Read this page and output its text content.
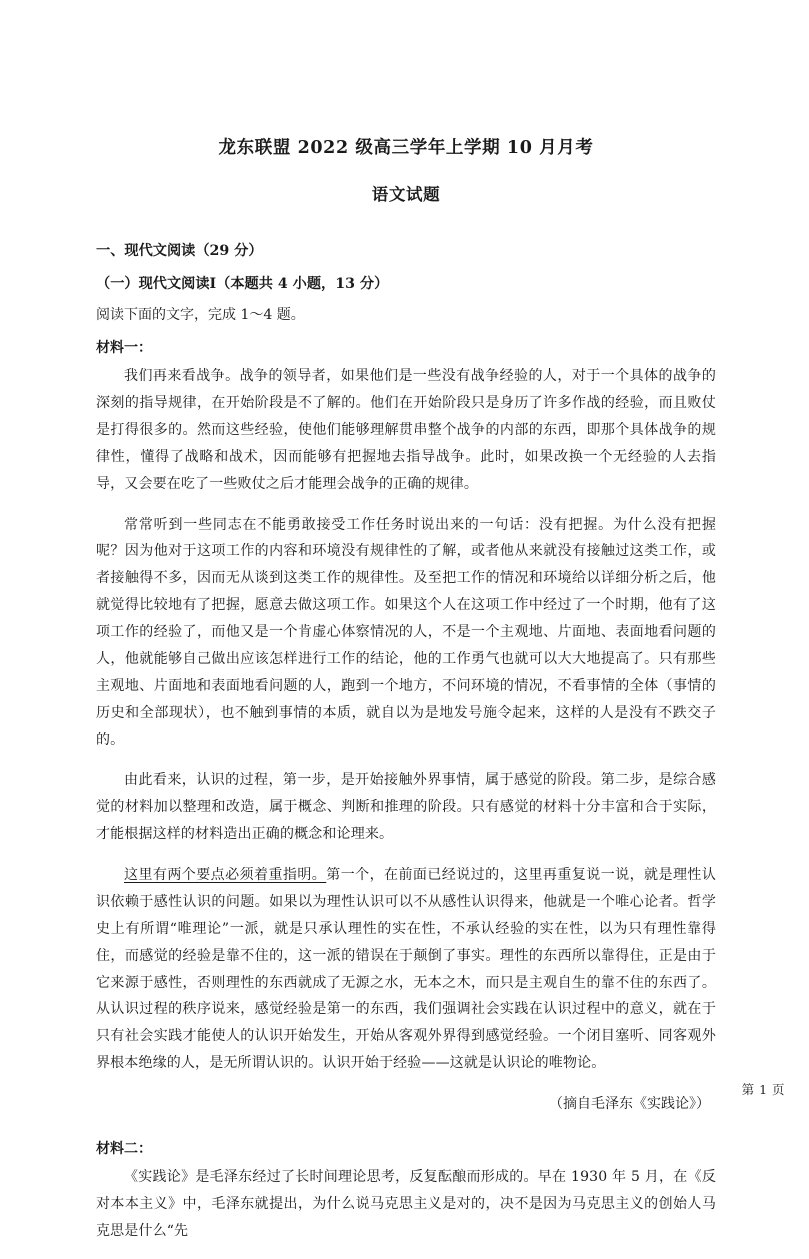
龙东联盟 2022 级高三学年上学期 10 月月考
语文试题
一、现代文阅读（29 分）
（一）现代文阅读Ⅰ（本题共 4 小题，13 分）
阅读下面的文字，完成 1～4 题。
材料一：

我们再来看战争。战争的领导者，如果他们是一些没有战争经验的人，对于一个具体的战争的深刻的指导规律，在开始阶段是不了解的。他们在开始阶段只是身历了许多作战的经验，而且败仗是打得很多的。然而这些经验，使他们能够理解贯串整个战争的内部的东西，即那个具体战争的规律性，懂得了战略和战术，因而能够有把握地去指导战争。此时，如果改换一个无经验的人去指导，又会要在吃了一些败仗之后才能理会战争的正确的规律。

常常听到一些同志在不能勇敢接受工作任务时说出来的一句话：没有把握。为什么没有把握呢？因为他对于这项工作的内容和环境没有规律性的了解，或者他从来就没有接触过这类工作，或者接触得不多，因而无从谈到这类工作的规律性。及至把工作的情况和环境给以详细分析之后，他就觉得比较地有了把握，愿意去做这项工作。如果这个人在这项工作中经过了一个时期，他有了这项工作的经验了，而他又是一个肯虚心体察情况的人，不是一个主观地、片面地、表面地看问题的人，他就能够自己做出应该怎样进行工作的结论，他的工作勇气也就可以大大地提高了。只有那些主观地、片面地和表面地看问题的人，跑到一个地方，不问环境的情况，不看事情的全体（事情的历史和全部现状），也不触到事情的本质，就自以为是地发号施令起来，这样的人是没有不跌交子的。

由此看来，认识的过程，第一步，是开始接触外界事情，属于感觉的阶段。第二步，是综合感觉的材料加以整理和改造，属于概念、判断和推理的阶段。只有感觉的材料十分丰富和合于实际，才能根据这样的材料造出正确的概念和论理来。

这里有两个要点必须着重指明。第一个，在前面已经说过的，这里再重复说一说，就是理性认识依赖于感性认识的问题。如果以为理性认识可以不从感性认识得来，他就是一个唯心论者。哲学史上有所谓“唯理论”一派，就是只承认理性的实在性，不承认经验的实在性，以为只有理性靠得住，而感觉的经验是靠不住的，这一派的错误在于颠倒了事实。理性的东西所以靠得住，正是由于它来源于感性，否则理性的东西就成了无源之水，无本之木，而只是主观自生的靠不住的东西了。从认识过程的秩序说来，感觉经验是第一的东西，我们强调社会实践在认识过程中的意义，就在于只有社会实践才能使人的认识开始发生，开始从客观外界得到感觉经验。一个闭目塞听、同客观外界根本绝缘的人，是无所谓认识的。认识开始于经验——这就是认识论的唯物论。

（摘自毛泽东《实践论》）
材料二：

《实践论》是毛泽东经过了长时间理论思考，反复酝酿而形成的。早在 1930 年 5 月，在《反对本本主义》中，毛泽东就提出，为什么说马克思主义是对的，决不是因为马克思主义的创始人马克思是什么“先

第 1 页
